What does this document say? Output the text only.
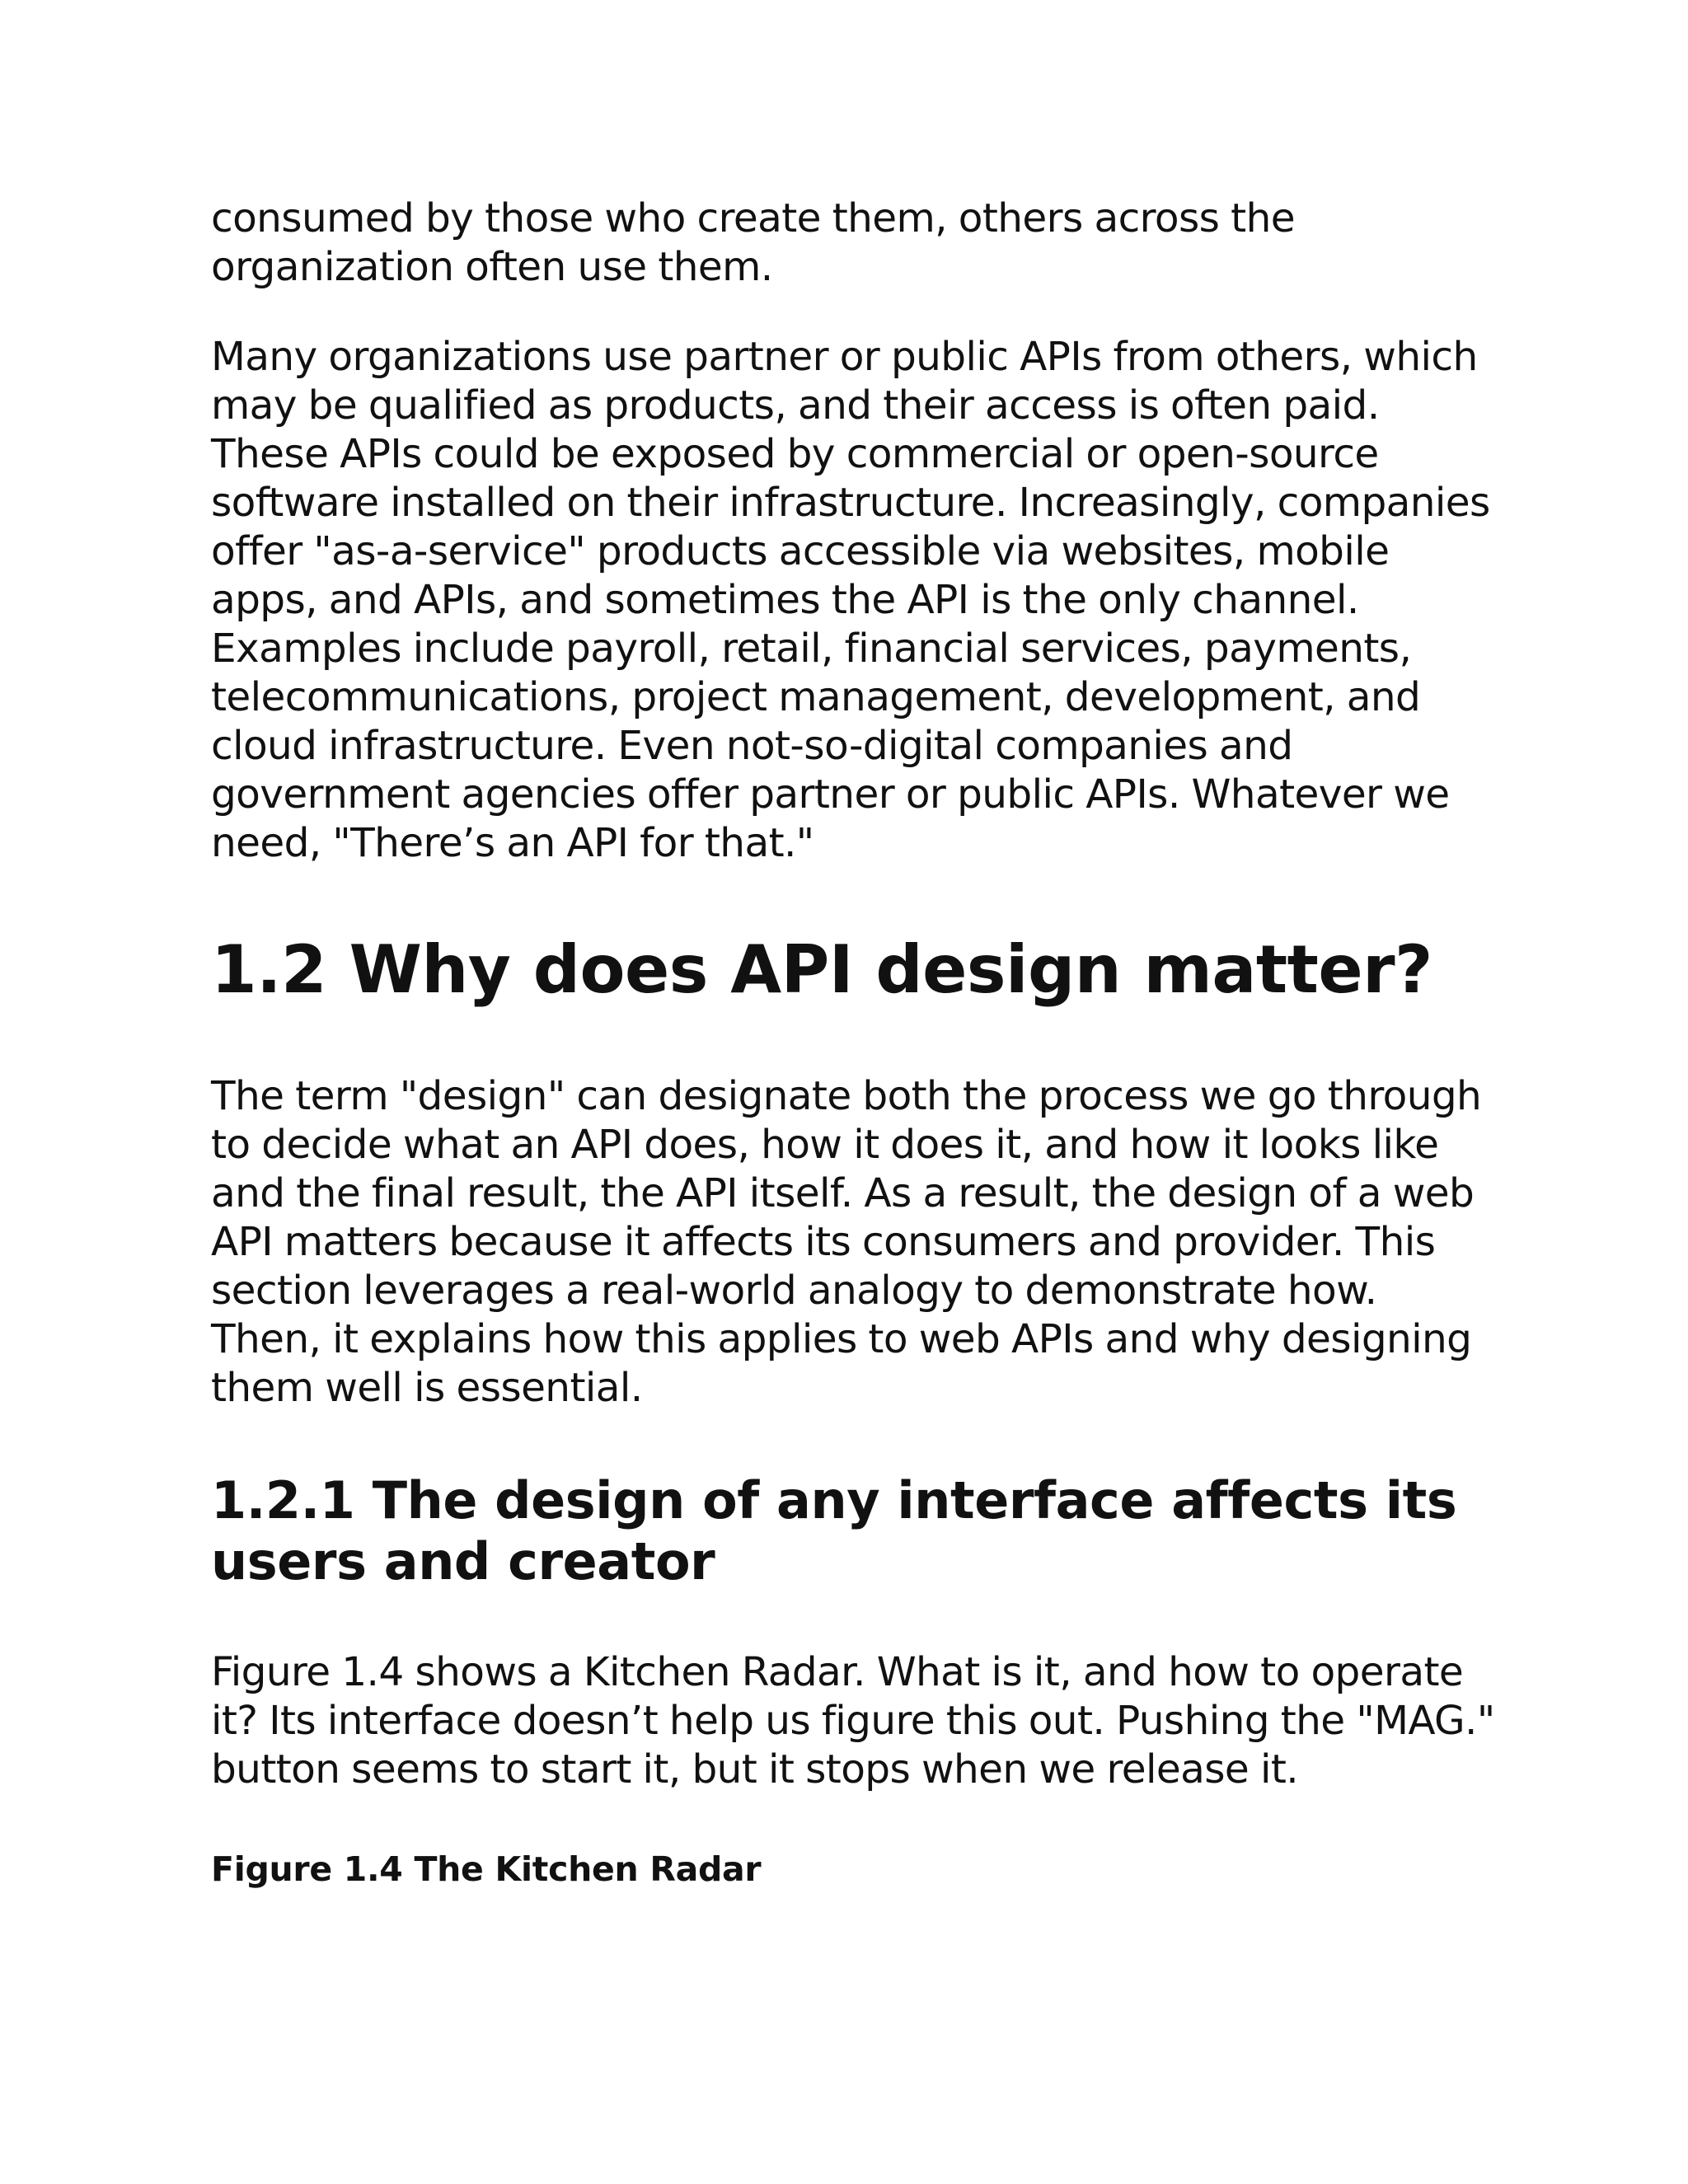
consumed by those who create them, others across the organization often use them.

Many organizations use partner or public APIs from others, which may be qualified as products, and their access is often paid. These APIs could be exposed by commercial or open-source software installed on their infrastructure. Increasingly, companies offer "as-a-service" products accessible via websites, mobile apps, and APIs, and sometimes the API is the only channel. Examples include payroll, retail, financial services, payments, telecommunications, project management, development, and cloud infrastructure. Even not-so-digital companies and government agencies offer partner or public APIs. Whatever we need, "There’s an API for that."

1.2 Why does API design matter?

The term "design" can designate both the process we go through to decide what an API does, how it does it, and how it looks like and the final result, the API itself. As a result, the design of a web API matters because it affects its consumers and provider. This section leverages a real-world analogy to demonstrate how. Then, it explains how this applies to web APIs and why designing them well is essential.

1.2.1 The design of any interface affects its users and creator

Figure 1.4 shows a Kitchen Radar. What is it, and how to operate it? Its interface doesn’t help us figure this out. Pushing the "MAG." button seems to start it, but it stops when we release it.

Figure 1.4 The Kitchen Radar
